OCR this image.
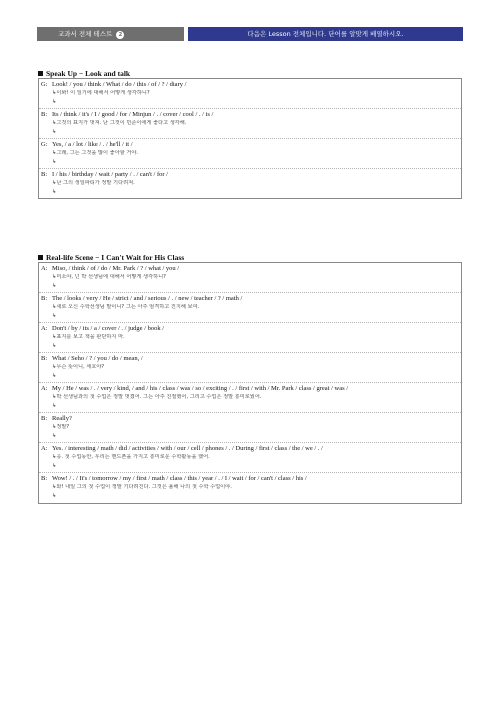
교과서 전체 테스트 2	다음은 Lesson 전체입니다. 단어를 알맞게 배열하시오.
Speak Up − Look and talk
G: Look! / you / think / What / do / this / of / ? / diary /
↳이봐! 이 일기에 대해서 어떻게 생각하니?
↳
B: Its / think / it's / I / good / for / Minjun / . / cover / cool / . / is /
↳그것의 표지가 멋져. 난 그것이 민준이에게 좋다고 생각해.
↳
G: Yes, / a / lot / like / . / he'll / it /
↳그래, 그는 그것을 많이 좋아할 거야.
↳
B: I / his / birthday / wait / party / . / can't / for /
↳난 그의 생일파티가 정말 기다려져.
↳
Real-life Scene − I Can't Wait for His Class
A: Miso, / think / of / do / Mr. Park / ? / what / you /
↳미소야, 넌 박 선생님에 대해서 어떻게 생각하니?
↳
B: The / looks / very / He / strict / and / serious / . / new / teacher / ? / math /
↳새로 오신 수학선생님 말이니? 그는 아주 엄격하고 진지해 보여.
↳
A: Don't / by / its / a / cover / . / judge / book /
↳표지를 보고 책을 판단하지 마.
↳
B: What / Seho / ? / you / do / mean, /
↳무슨 뜻이니, 세호야?
↳
A: My / He / was / . / very / kind, / and / his / class / was / so / exciting / . / first / with / Mr. Park / class / great / was /
↳박 선생님과의 첫 수업은 정말 멋졌어. 그는 아주 친절했어, 그리고 수업은 정말 흥미로웠어.
↳
B: Really?
↳정말?
↳
A: Yes. / interesting / math / did / activities / with / our / cell / phones / . / During / first / class / the / we / . /
↳응. 첫 수업동안, 우리는 핸드폰을 가지고 흥미로운 수학활동을 했어.
↳
B: Wow! / . / It's / tomorrow / my / first / math / class / this / year / . / I / wait / for / can't / class / his /
↳와! 내일 그의 첫 수업이 정말 기다려진다. 그것은 올해 나의 첫 수학 수업이야.
↳
